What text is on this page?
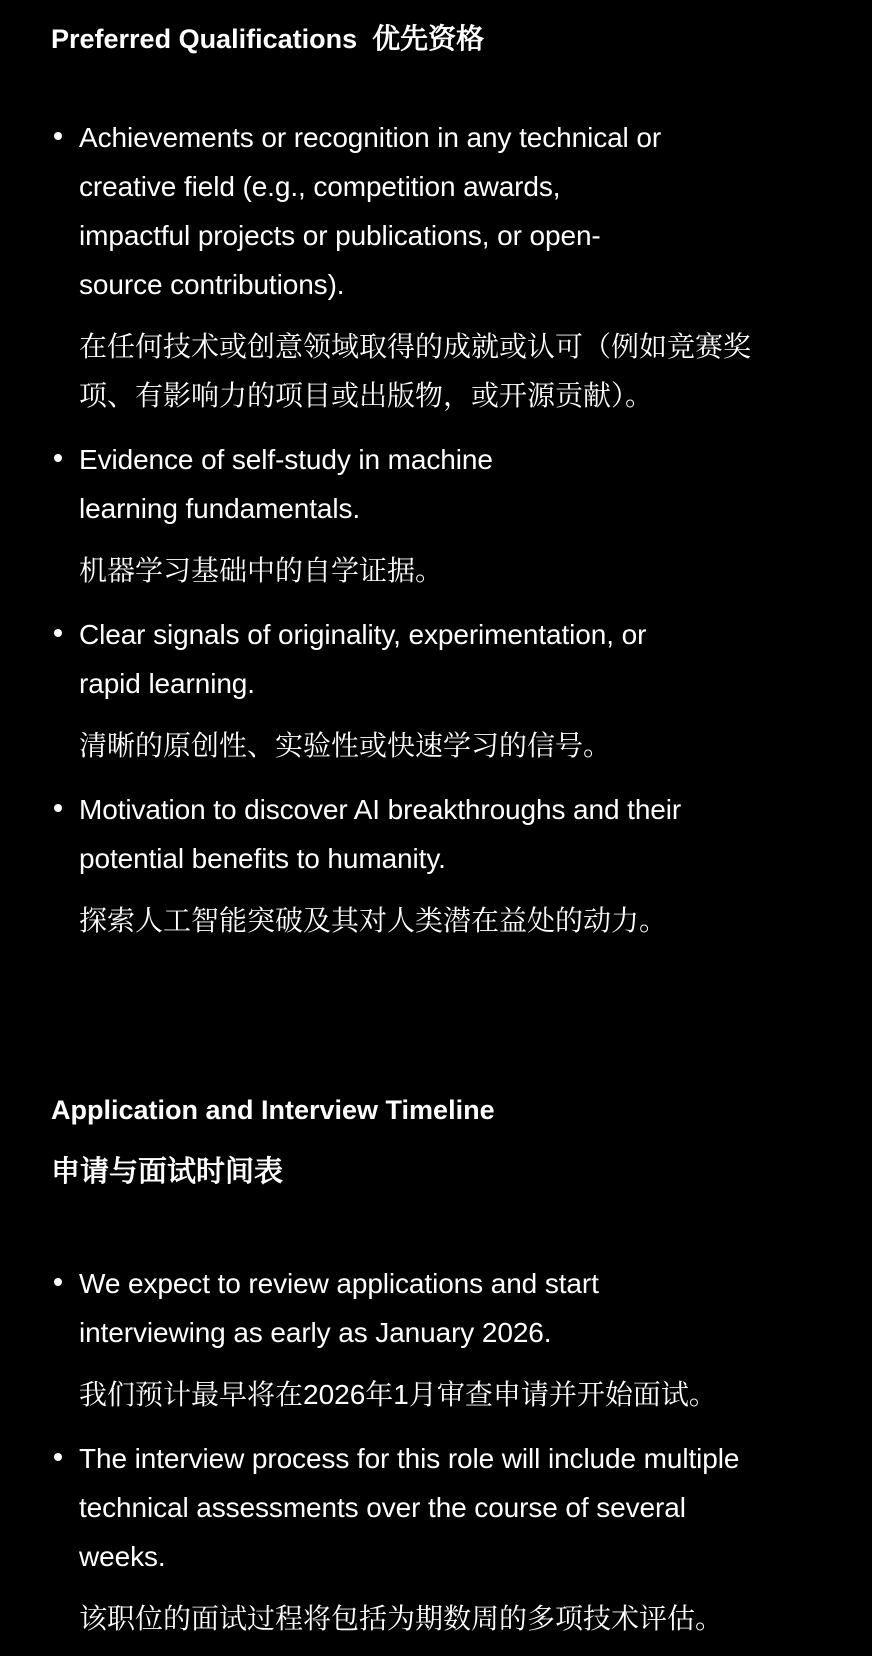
Preferred Qualifications 优先资格

Achievements or recognition in any technical or creative field (e.g., competition awards, impactful projects or publications, or open-source contributions).

在任何技术或创意领域取得的成就或认可（例如竞赛奖项、有影响力的项目或出版物，或开源贡献）。

Evidence of self-study in machine learning fundamentals.

机器学习基础中的自学证据。

Clear signals of originality, experimentation, or rapid learning.

清晰的原创性、实验性或快速学习的信号。

Motivation to discover AI breakthroughs and their potential benefits to humanity.

探索人工智能突破及其对人类潜在益处的动力。

Application and Interview Timeline

申请与面试时间表

We expect to review applications and start interviewing as early as January 2026.

我们预计最早将在2026年1月审查申请并开始面试。

The interview process for this role will include multiple technical assessments over the course of several weeks.

该职位的面试过程将包括为期数周的多项技术评估。
